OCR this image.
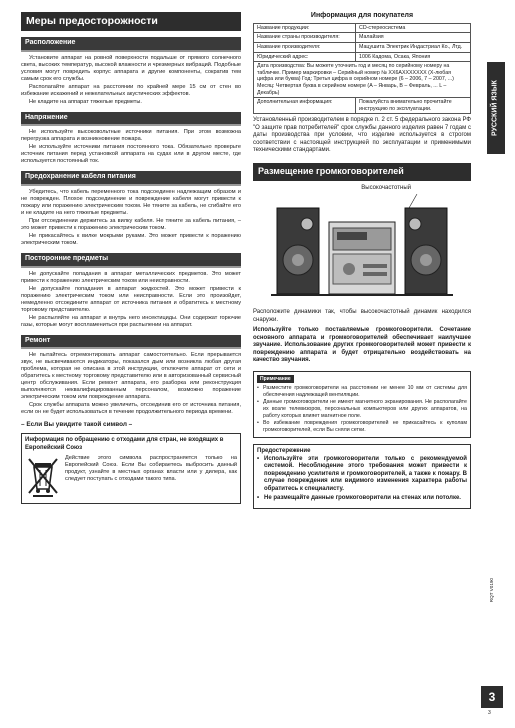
Меры предосторожности
Расположение

Установите аппарат на ровной поверхности подальше от прямого солнечного света, высоких температур, высокой влажности и чрезмерных вибраций. Подобные условия могут повредить корпус аппарата и другие компоненты, сократив тем самым срок его службы.

Располагайте аппарат на расстоянии по крайней мере 15 см от стен во избежание искажений и нежелательных акустических эффектов.

Не кладите на аппарат тяжелые предметы.

Напряжение

Не используйте высоковольтные источники питания. При этом возможна перегрузка аппарата и возникновение пожара.

Не используйте источники питания постоянного тока. Обязательно проверьте источник питания перед установкой аппарата на судах или в другом месте, где используется постоянный ток.

Предохранение кабеля питания

Убедитесь, что кабель переменного тока подсоединен надлежащим образом и не поврежден. Плохое подсоединение и повреждение кабеля могут привести к пожару или поражению электрическим током. Не тяните за кабель, не сгибайте его и не кладите на него тяжелые предметы.

При отсоединении держитесь за вилку кабеля. Не тяните за кабель питания, – это может привести к поражению электрическим током.

Не прикасайтесь к вилке мокрыми руками. Это может привести к поражению электрическим током.

Посторонние предметы

Не допускайте попадания в аппарат металлических предметов. Это может привести к поражению электрическим током или неисправности.

Не допускайте попадания в аппарат жидкостей. Это может привести к поражению электрическим током или неисправности. Если это произойдет, немедленно отсоедините аппарат от источника питания и обратитесь к местному торговому представителю.

Не распыляйте на аппарат и внутрь него инсектициды. Они содержат горючие газы, которые могут воспламениться при распылении на аппарат.

Ремонт

Не пытайтесь отремонтировать аппарат самостоятельно. Если прерывается звук, не высвечиваются индикаторы, показался дым или возникла любая другая проблема, которая не описана в этой инструкции, отключите аппарат от сети и обратитесь к местному торговому представителю или в авторизованный сервисный центр обслуживания. Если ремонт аппарата, его разборка или реконструкция выполняются неквалифицированным персоналом, возможно поражение электрическим током или повреждение аппарата.

Срок службы аппарата можно увеличить, отсоединив его от источника питания, если он не будет использоваться в течение продолжительного периода времени.

– Если Вы увидите такой символ –
Информация по обращению с отходами для стран, не входящих в Европейский Союз

Действие этого символа распространяется только на Европейский Союз. Если Вы собираетесь выбросить данный продукт, узнайте в местных органах власти или у дилера, как следует поступать с отходами такого типа.

Информация для покупателя
Название продукции:	CD-стереосистема
Название страны производителя:	Малайзия
Название производителя:	Мацушита Электрик Индастриал Ко., Лтд.
Юридический адрес:	1006 Кадома, Осака, Япония
Дата производства: Вы можете уточнить год и месяц по серийному номеру на табличке. Пример маркировки – Серийный номер № XX6AXXXXXXX (X-любая цифра или буква) Год: Третья цифра в серийном номере (6 – 2006, 7 – 2007, ...) Месяц: Четвертая буква в серийном номере (A – Январь, B – Февраль, ... L – Декабрь)	
Дополнительная информация:	Пожалуйста внимательно прочитайте инструкцию по эксплуатации.
Установленный производителем в порядке п. 2 ст. 5 федерального закона РФ "О защите прав потребителей" срок службы данного изделия равен 7 годам с даты производства при условии, что изделие используется в строгом соответствии с настоящей инструкцией по эксплуатации и применимыми техническими стандартами.
Размещение громкоговорителей
Высокочастотный
Расположите динамики так, чтобы высокочастотный динамик находился снаружи.
Используйте только поставляемые громкоговорители. Сочетание основного аппарата и громкоговорителей обеспечивает наилучшее звучание. Использование других громкоговорителей может привести к повреждению аппарата и будет отрицательно воздействовать на качество звучания.
Примечание
• Разместите громкоговорители на расстоянии не менее 10 мм от системы для обеспечения надлежащей вентиляции.
• Данные громкоговорители не имеют магнитного экранирования. Не располагайте их возле телевизоров, персональных компьютеров или других аппаратов, на работу которых влияет магнитное поле.
• Во избежание повреждения громкоговорителей не прикасайтесь к куполам громкоговорителей, если Вы сняли сетки.
Предостережение
• Используйте эти громкоговорители только с рекомендуемой системой. Несоблюдение этого требования может привести к повреждению усилителя и громкоговорителей, а также к пожару. В случае повреждения или видимого изменения характера работы обратитесь к специалисту.
• Не размещайте данные громкоговорители на стенах или потолке.
РУССКИЙ ЯЗЫК
RQT V0190
3
3
